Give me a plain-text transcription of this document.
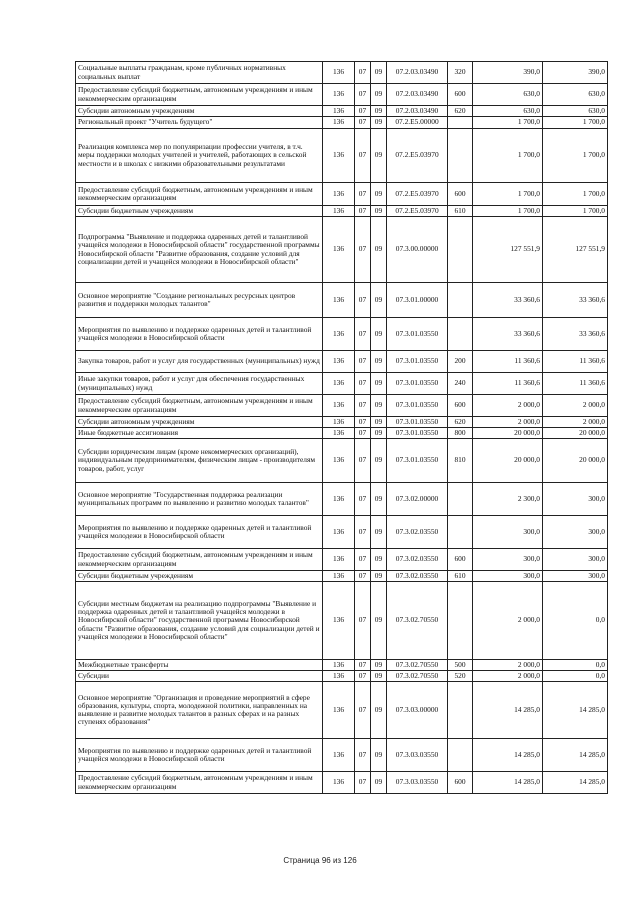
Социальные выплаты гражданам, кроме публичных нормативных социальных выплат	136	07	09	07.2.03.03490	320	390,0	390,0
Предоставление субсидий бюджетным, автономным учреждениям и иным некоммерческим организациям	136	07	09	07.2.03.03490	600	630,0	630,0
Субсидии автономным учреждениям	136	07	09	07.2.03.03490	620	630,0	630,0
Региональный проект "Учитель будущего"	136	07	09	07.2.E5.00000		1 700,0	1 700,0
Реализация комплекса мер по популяризации профессии учителя, в т.ч. меры поддержки молодых учителей и учителей, работающих в сельской местности и в школах с низкими образовательными результатами	136	07	09	07.2.E5.03970		1 700,0	1 700,0
Предоставление субсидий бюджетным, автономным учреждениям и иным некоммерческим организациям	136	07	09	07.2.E5.03970	600	1 700,0	1 700,0
Субсидии бюджетным учреждениям	136	07	09	07.2.E5.03970	610	1 700,0	1 700,0
Подпрограмма "Выявление и поддержка одаренных детей и талантливой учащейся молодежи в Новосибирской области" государственной программы Новосибирской области "Развитие образования, создание условий для социализации детей и учащейся молодежи в Новосибирской области"	136	07	09	07.3.00.00000		127 551,9	127 551,9
Основное мероприятие "Создание региональных ресурсных центров развития и поддержки молодых талантов"	136	07	09	07.3.01.00000		33 360,6	33 360,6
Мероприятия по выявлению и поддержке одаренных детей и талантливой учащейся молодежи в Новосибирской области	136	07	09	07.3.01.03550		33 360,6	33 360,6
Закупка товаров, работ и услуг для государственных (муниципальных) нужд	136	07	09	07.3.01.03550	200	11 360,6	11 360,6
Иные закупки товаров, работ и услуг для обеспечения государственных (муниципальных) нужд	136	07	09	07.3.01.03550	240	11 360,6	11 360,6
Предоставление субсидий бюджетным, автономным учреждениям и иным некоммерческим организациям	136	07	09	07.3.01.03550	600	2 000,0	2 000,0
Субсидии автономным учреждениям	136	07	09	07.3.01.03550	620	2 000,0	2 000,0
Иные бюджетные ассигнования	136	07	09	07.3.01.03550	800	20 000,0	20 000,0
Субсидии юридическим лицам (кроме некоммерческих организаций), индивидуальным предпринимателям, физическим лицам - производителям товаров, работ, услуг	136	07	09	07.3.01.03550	810	20 000,0	20 000,0
Основное мероприятие "Государственная поддержка реализации муниципальных программ по выявлению и развитию молодых талантов"	136	07	09	07.3.02.00000		2 300,0	300,0
Мероприятия по выявлению и поддержке одаренных детей и талантливой учащейся молодежи в Новосибирской области	136	07	09	07.3.02.03550		300,0	300,0
Предоставление субсидий бюджетным, автономным учреждениям и иным некоммерческим организациям	136	07	09	07.3.02.03550	600	300,0	300,0
Субсидии бюджетным учреждениям	136	07	09	07.3.02.03550	610	300,0	300,0
Субсидии местным бюджетам на реализацию подпрограммы "Выявление и поддержка одаренных детей и талантливой учащейся молодежи в Новосибирской области" государственной программы Новосибирской области "Развитие образования, создание условий для социализации детей и учащейся молодежи в Новосибирской области"	136	07	09	07.3.02.70550		2 000,0	0,0
Межбюджетные трансферты	136	07	09	07.3.02.70550	500	2 000,0	0,0
Субсидии	136	07	09	07.3.02.70550	520	2 000,0	0,0
Основное мероприятие "Организация и проведение мероприятий в сфере образования, культуры, спорта, молодежной политики, направленных на выявление и развитие молодых талантов в разных сферах и на разных ступенях образования"	136	07	09	07.3.03.00000		14 285,0	14 285,0
Мероприятия по выявлению и поддержке одаренных детей и талантливой учащейся молодежи в Новосибирской области	136	07	09	07.3.03.03550		14 285,0	14 285,0
Предоставление субсидий бюджетным, автономным учреждениям и иным некоммерческим организациям	136	07	09	07.3.03.03550	600	14 285,0	14 285,0
Страница 96 из 126
